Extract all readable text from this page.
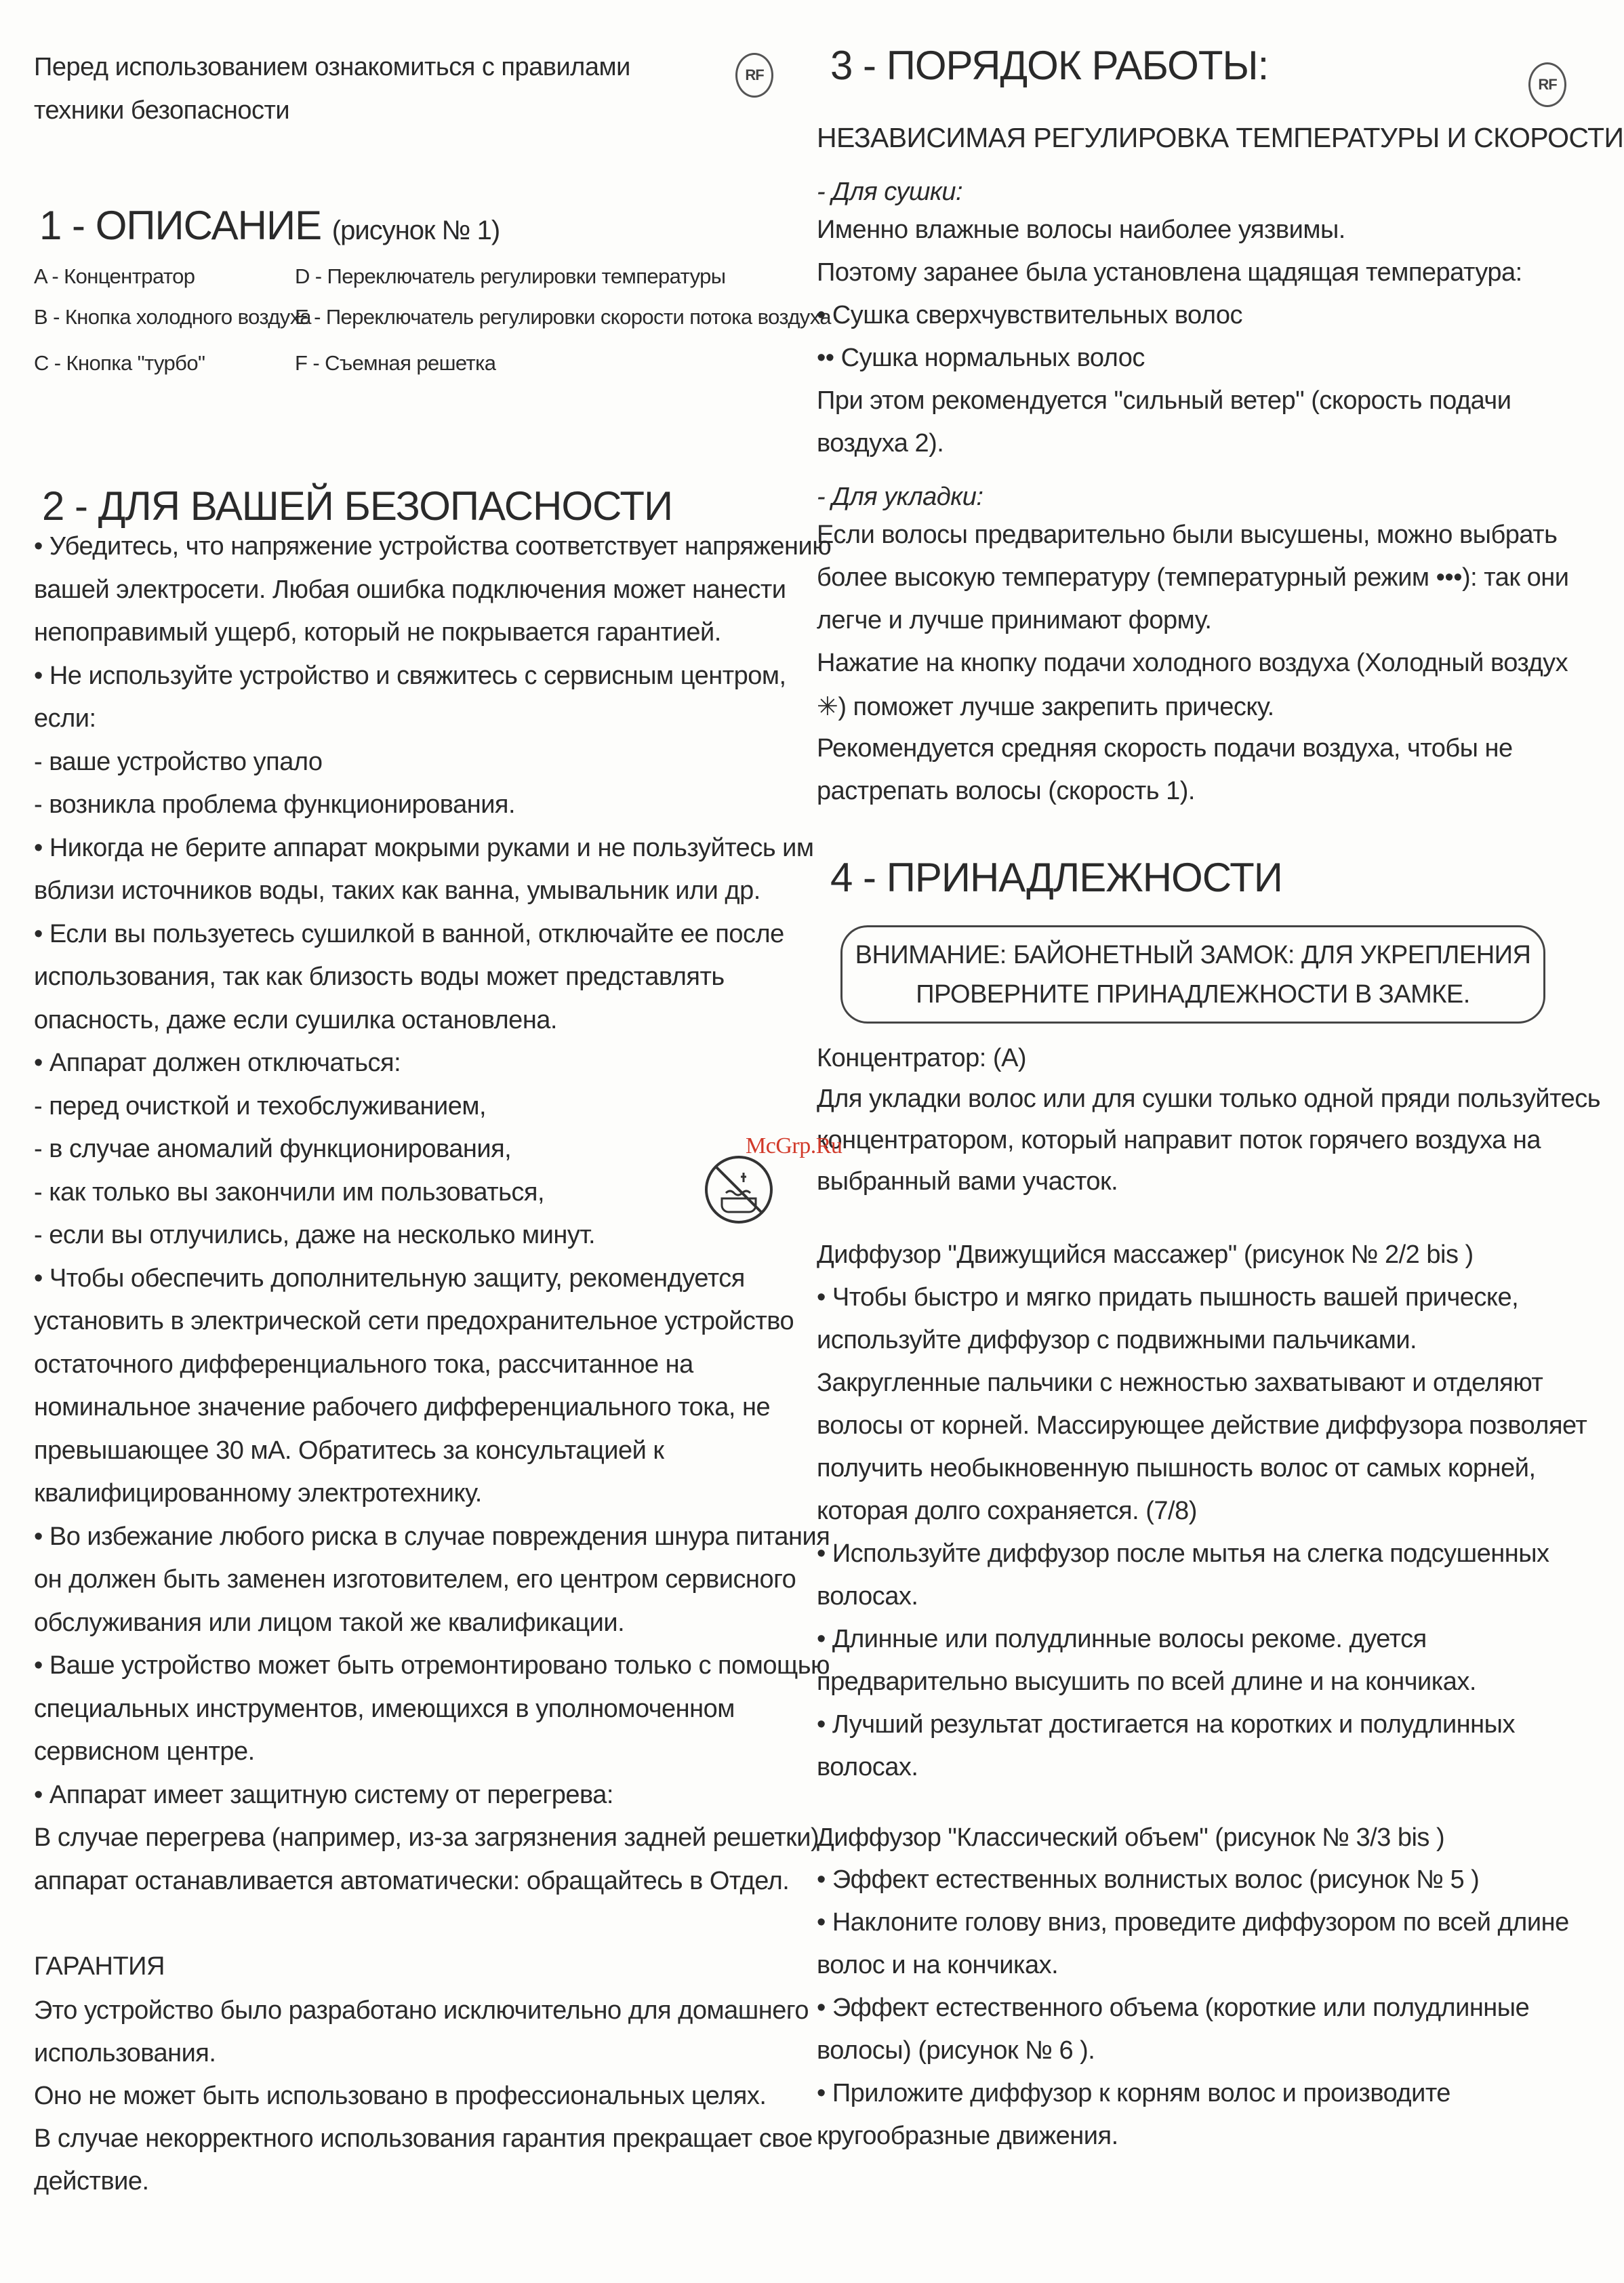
Перед использованием ознакомиться с правилами
техники безопасности
1 - ОПИСАНИЕ (рисунок № 1)
A - Концентратор
B - Кнопка холодного воздуха
C - Кнопка "турбо"
D - Переключатель регулировки температуры
E - Переключатель регулировки скорости потока воздуха
F - Съемная решетка
2 - ДЛЯ ВАШЕЙ БЕЗОПАСНОСТИ
• Убедитесь, что напряжение устройства соответствует напряжению
вашей электросети. Любая ошибка подключения может нанести
непоправимый ущерб, который не покрывается гарантией.
• Не используйте устройство и свяжитесь с сервисным центром,
если:
- ваше устройство упало
- возникла проблема функционирования.
• Никогда не берите аппарат мокрыми руками и не пользуйтесь им
вблизи источников воды, таких как ванна, умывальник или др.
• Если вы пользуетесь сушилкой в ванной, отключайте ее после
использования, так как близость воды может представлять
опасность, даже если сушилка остановлена.
• Аппарат должен отключаться:
- перед очисткой и техобслуживанием,
- в случае аномалий функционирования,
- как только вы закончили им пользоваться,
- если вы отлучились, даже на несколько минут.
• Чтобы обеспечить дополнительную защиту, рекомендуется
установить в электрической сети предохранительное устройство
остаточного дифференциального тока, рассчитанное на
номинальное значение рабочего дифференциального тока, не
превышающее 30 мА. Обратитесь за консультацией к
квалифицированному электротехнику.
• Во избежание любого риска в случае повреждения шнура питания
он должен быть заменен изготовителем, его центром сервисного
обслуживания или лицом такой же квалификации.
• Ваше устройство может быть отремонтировано только с помощью
специальных инструментов, имеющихся в уполномоченном
сервисном центре.
• Аппарат имеет защитную систему от перегрева:
В случае перегрева (например, из-за загрязнения задней решетки)
аппарат останавливается автоматически: обращайтесь в Отдел.
ГАРАНТИЯ
Это устройство было разработано исключительно для домашнего
использования.
Оно не может быть использовано в профессиональных целях.
В случае некорректного использования гарантия прекращает свое
действие.
RF 3 - ПОРЯДОК РАБОТЫ:
НЕЗАВИСИМАЯ РЕГУЛИРОВКА ТЕМПЕРАТУРЫ И СКОРОСТИ
- Для сушки:
Именно влажные волосы наиболее уязвимы.
Поэтому заранее была установлена щадящая температура:
• Сушка сверхчувствительных волос
•• Сушка нормальных волос
При этом рекомендуется "сильный ветер" (скорость подачи
воздуха 2).
- Для укладки:
Если волосы предварительно были высушены, можно выбрать
более высокую температуру (температурный режим •••): так они
легче и лучше принимают форму.
Нажатие на кнопку подачи холодного воздуха (Холодный воздух
✳) поможет лучше закрепить прическу.
Рекомендуется средняя скорость подачи воздуха, чтобы не
растрепать волосы (скорость 1).
4 - ПРИНАДЛЕЖНОСТИ
Концентратор: (А)
Для укладки волос или для сушки только одной пряди пользуйтесь
концентратором, который направит поток горячего воздуха на
выбранный вами участок.
Диффузор "Движущийся массажер" (рисунок № 2/2 bis )
• Чтобы быстро и мягко придать пышность вашей прическе,
используйте диффузор с подвижными пальчиками.
Закругленные пальчики с нежностью захватывают и отделяют
волосы от корней. Массирующее действие диффузора позволяет
получить необыкновенную пышность волос от самых корней,
которая долго сохраняется. (7/8)
• Используйте диффузор после мытья на слегка подсушенных
волосах.
• Длинные или полудлинные волосы рекоме. дуется
предварительно высушить по всей длине и на кончиках.
• Лучший результат достигается на коротких и полудлинных
волосах.
Диффузор "Классический объем" (рисунок № 3/3 bis )
• Эффект естественных волнистых волос (рисунок № 5 )
• Наклоните голову вниз, проведите диффузором по всей длине
волос и на кончиках.
• Эффект естественного объема (короткие или полудлинные
волосы) (рисунок № 6 ).
• Приложите диффузор к корням волос и производите
кругообразные движения.
RF
ВНИМАНИЕ: БАЙОНЕТНЫЙ ЗАМОК: ДЛЯ УКРЕПЛЕНИЯ
ПРОВЕРНИТЕ ПРИНАДЛЕЖНОСТИ В ЗАМКЕ.
McGrp.Ru
